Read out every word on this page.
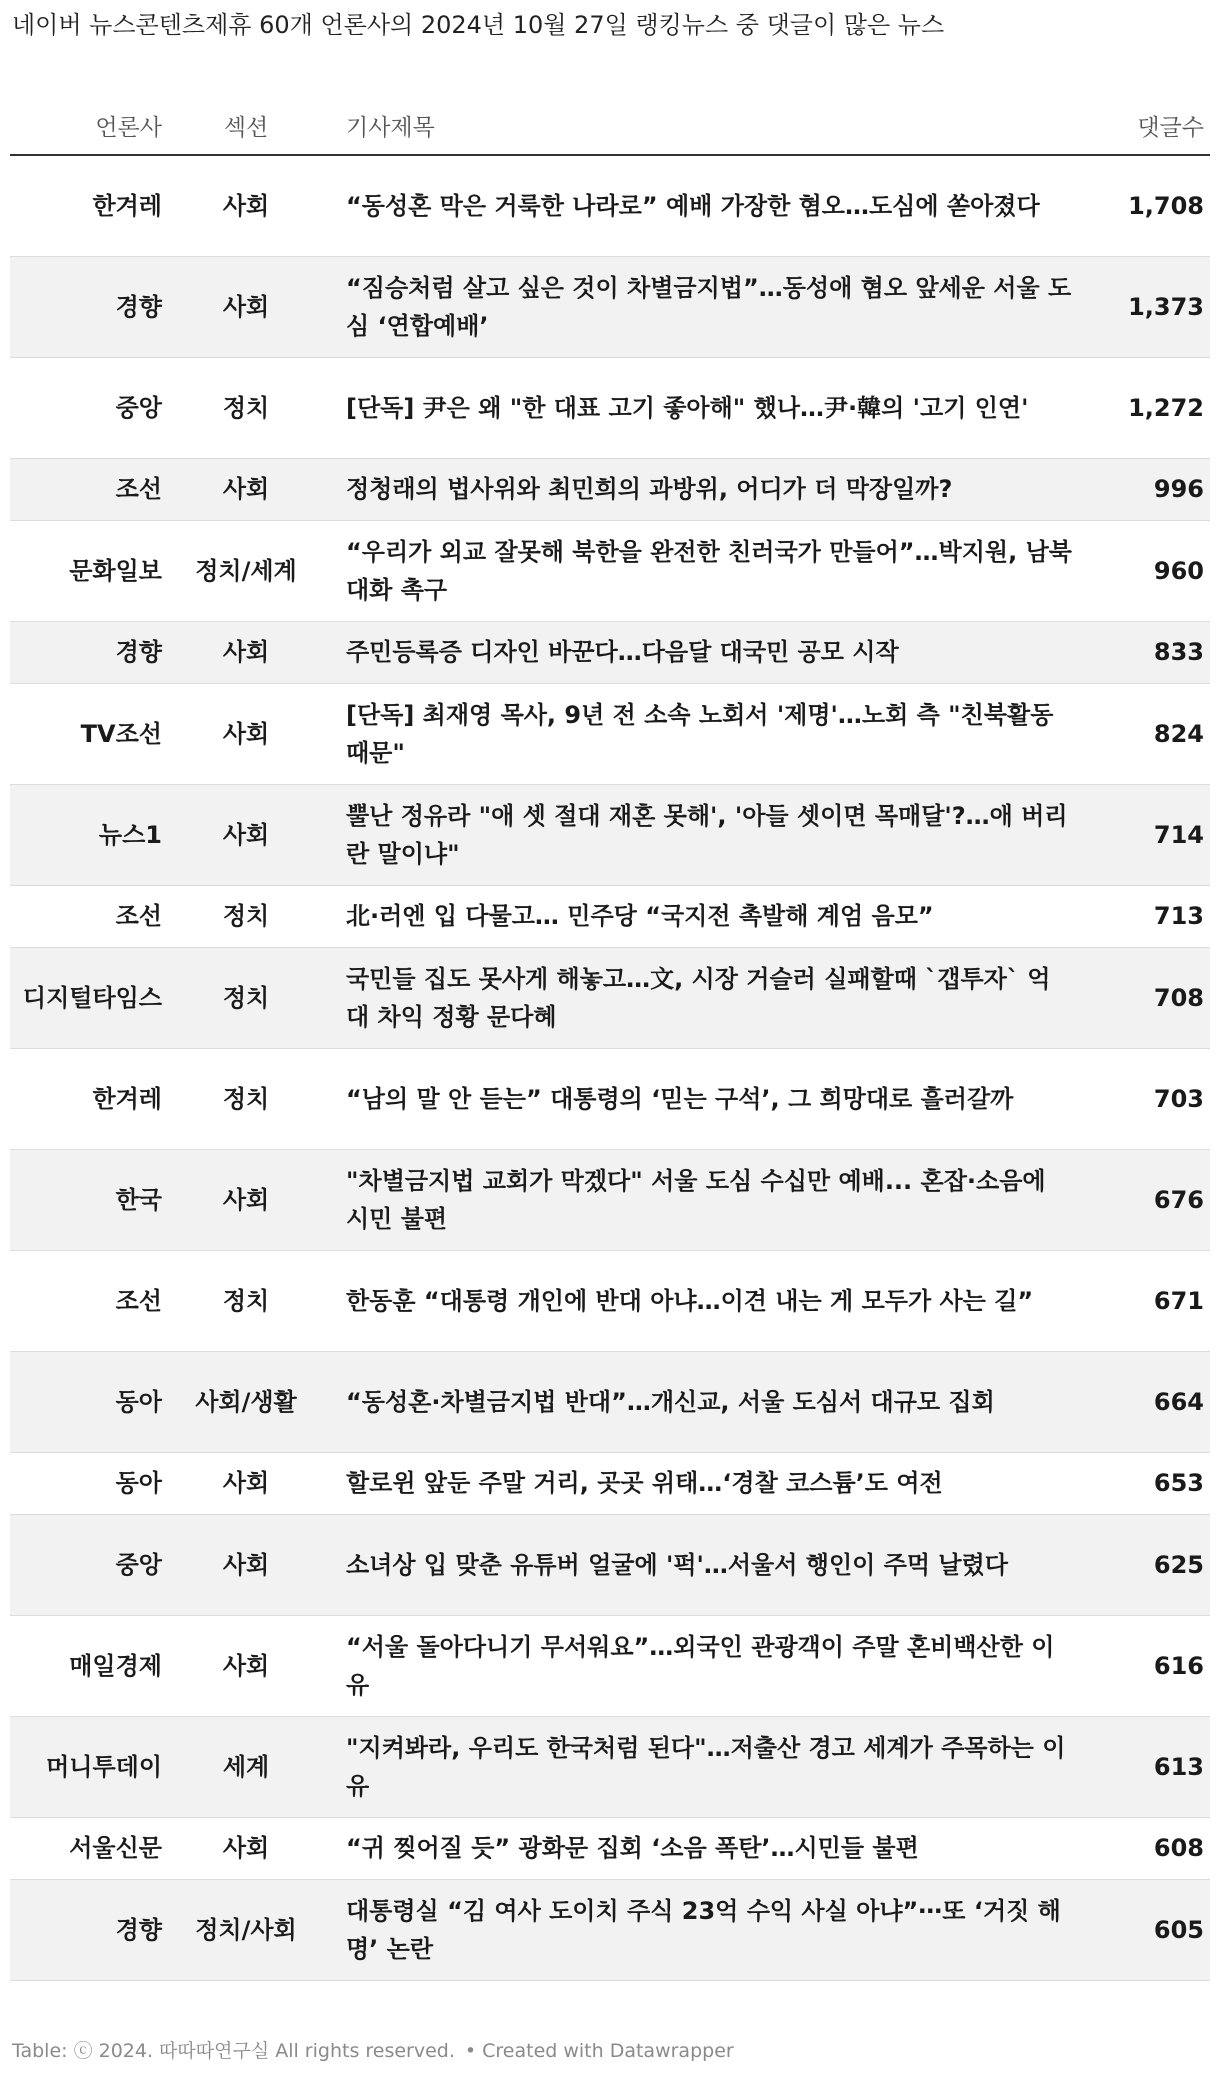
네이버 뉴스콘텐츠제휴 60개 언론사의 2024년 10월 27일 랭킹뉴스 중 댓글이 많은 뉴스
언론사	섹션	기사제목	댓글수
한겨레	사회	“동성혼 막은 거룩한 나라로” 예배 가장한 혐오…도심에 쏟아졌다	1,708
경향	사회	“짐승처럼 살고 싶은 것이 차별금지법”…동성애 혐오 앞세운 서울 도심 ‘연합예배’	1,373
중앙	정치	[단독] 尹은 왜 "한 대표 고기 좋아해" 했나…尹·韓의 '고기 인연'	1,272
조선	사회	정청래의 법사위와 최민희의 과방위, 어디가 더 막장일까?	996
문화일보	정치/세계	“우리가 외교 잘못해 북한을 완전한 친러국가 만들어”…박지원, 남북대화 촉구	960
경향	사회	주민등록증 디자인 바꾼다…다음달 대국민 공모 시작	833
TV조선	사회	[단독] 최재영 목사, 9년 전 소속 노회서 '제명'…노회 측 "친북활동 때문"	824
뉴스1	사회	뿔난 정유라 "애 셋 절대 재혼 못해', '아들 셋이면 목매달'?…애 버리란 말이냐"	714
조선	정치	北·러엔 입 다물고… 민주당 “국지전 촉발해 계엄 음모”	713
디지털타임스	정치	국민들 집도 못사게 해놓고…文, 시장 거슬러 실패할때 `갭투자` 억대 차익 정황 문다혜	708
한겨레	정치	“남의 말 안 듣는” 대통령의 ‘믿는 구석’, 그 희망대로 흘러갈까	703
한국	사회	"차별금지법 교회가 막겠다" 서울 도심 수십만 예배... 혼잡·소음에 시민 불편	676
조선	정치	한동훈 “대통령 개인에 반대 아냐…이견 내는 게 모두가 사는 길”	671
동아	사회/생활	“동성혼·차별금지법 반대”…개신교, 서울 도심서 대규모 집회	664
동아	사회	할로윈 앞둔 주말 거리, 곳곳 위태…‘경찰 코스튬’도 여전	653
중앙	사회	소녀상 입 맞춘 유튜버 얼굴에 '퍽'…서울서 행인이 주먹 날렸다	625
매일경제	사회	“서울 돌아다니기 무서워요”…외국인 관광객이 주말 혼비백산한 이유	616
머니투데이	세계	"지켜봐라, 우리도 한국처럼 된다"…저출산 경고 세계가 주목하는 이유	613
서울신문	사회	“귀 찢어질 듯” 광화문 집회 ‘소음 폭탄’…시민들 불편	608
경향	정치/사회	대통령실 “김 여사 도이치 주식 23억 수익 사실 아냐”⋯또 ‘거짓 해명’ 논란	605
Table: ⓒ 2024. 따따따연구실 All rights reserved. • Created with Datawrapper
